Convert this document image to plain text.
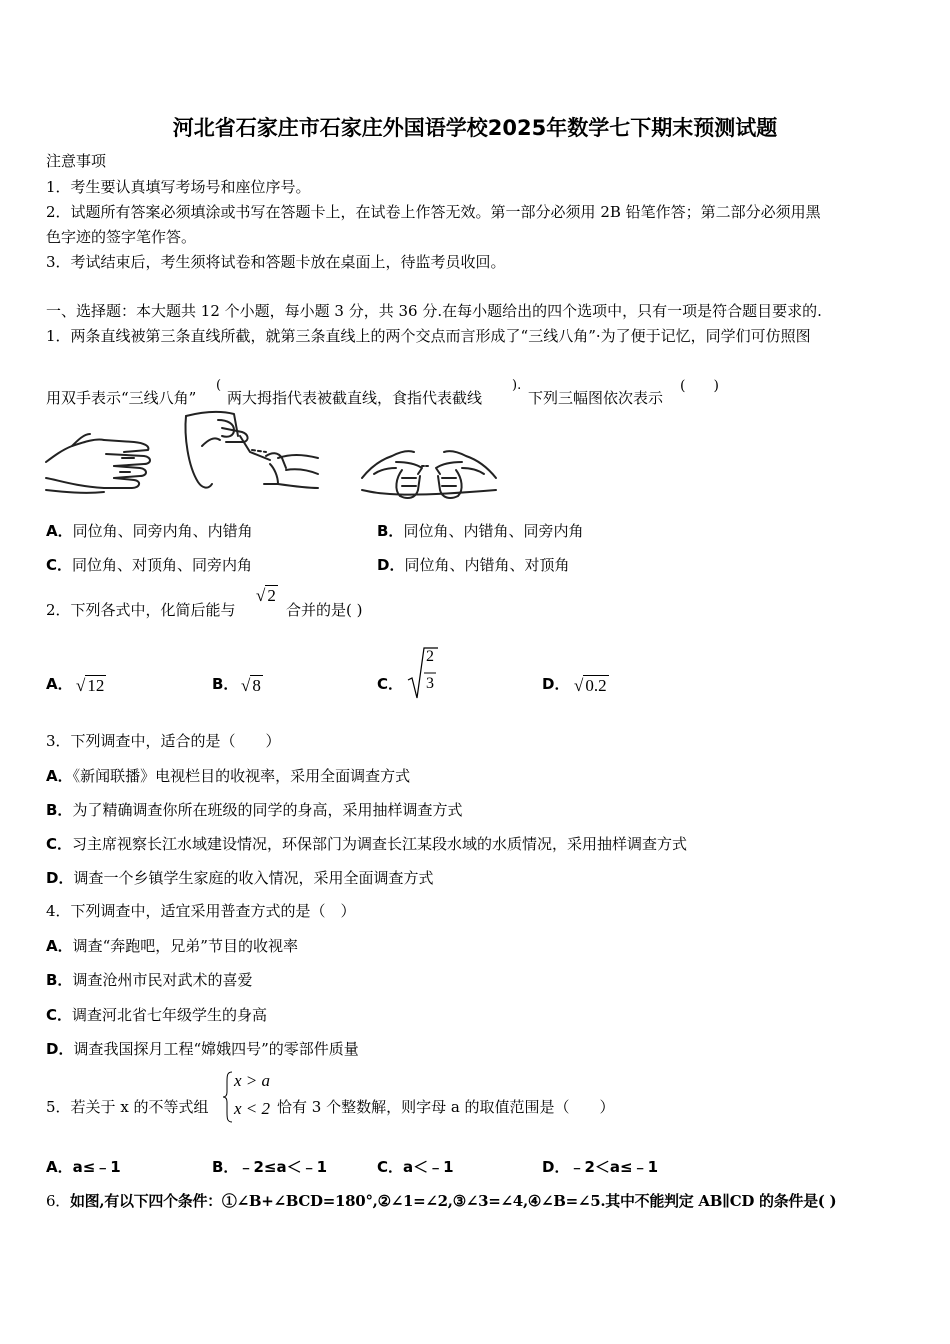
河北省石家庄市石家庄外国语学校2025年数学七下期末预测试题
注意事项
1．考生要认真填写考场号和座位序号。
2．试题所有答案必须填涂或书写在答题卡上，在试卷上作答无效。第一部分必须用 2B 铅笔作答；第二部分必须用黑
色字迹的签字笔作答。
3．考试结束后，考生须将试卷和答题卡放在桌面上，待监考员收回。
一、选择题：本大题共 12 个小题，每小题 3 分，共 36 分.在每小题给出的四个选项中，只有一项是符合题目要求的.
1．两条直线被第三条直线所截，就第三条直线上的两个交点而言形成了“三线八角”·为了便于记忆，同学们可仿照图
用双手表示“三线八角”
(
两大拇指代表被截直线，食指代表截线
).
下列三幅图依次表示
(　　)
A．同位角、同旁内角、内错角	B．同位角、内错角、同旁内角
C．同位角、对顶角、同旁内角	D．同位角、内错角、对顶角
2．下列各式中，化简后能与
√ 2
合并的是( )
A． √ 12	B． √ 8	C．
2
3	D． √ 0.2
3．下列调查中，适合的是（　　）
A．《新闻联播》电视栏目的收视率，采用全面调查方式
B．为了精确调查你所在班级的同学的身高，采用抽样调查方式
C．习主席视察长江水域建设情况，环保部门为调查长江某段水域的水质情况，采用抽样调查方式
D．调查一个乡镇学生家庭的收入情况，采用全面调查方式
4．下列调查中，适宜采用普查方式的是（　）
A．调查“奔跑吧，兄弟”节目的收视率
B．调查沧州市民对武术的喜爱
C．调查河北省七年级学生的身高
D．调查我国探月工程“嫦娥四号”的零部件质量
5．若关于 x 的不等式组
x > a
x < 2 恰有 3 个整数解，则字母 a 的取值范围是（　　）
A．a≤﹣1	B．﹣2≤a＜﹣1	C．a＜﹣1	D．﹣2＜a≤﹣1
6．如图,有以下四个条件：①∠B+∠BCD=180°,②∠1=∠2,③∠3=∠4,④∠B=∠5.其中不能判定 AB∥CD 的条件是( )
